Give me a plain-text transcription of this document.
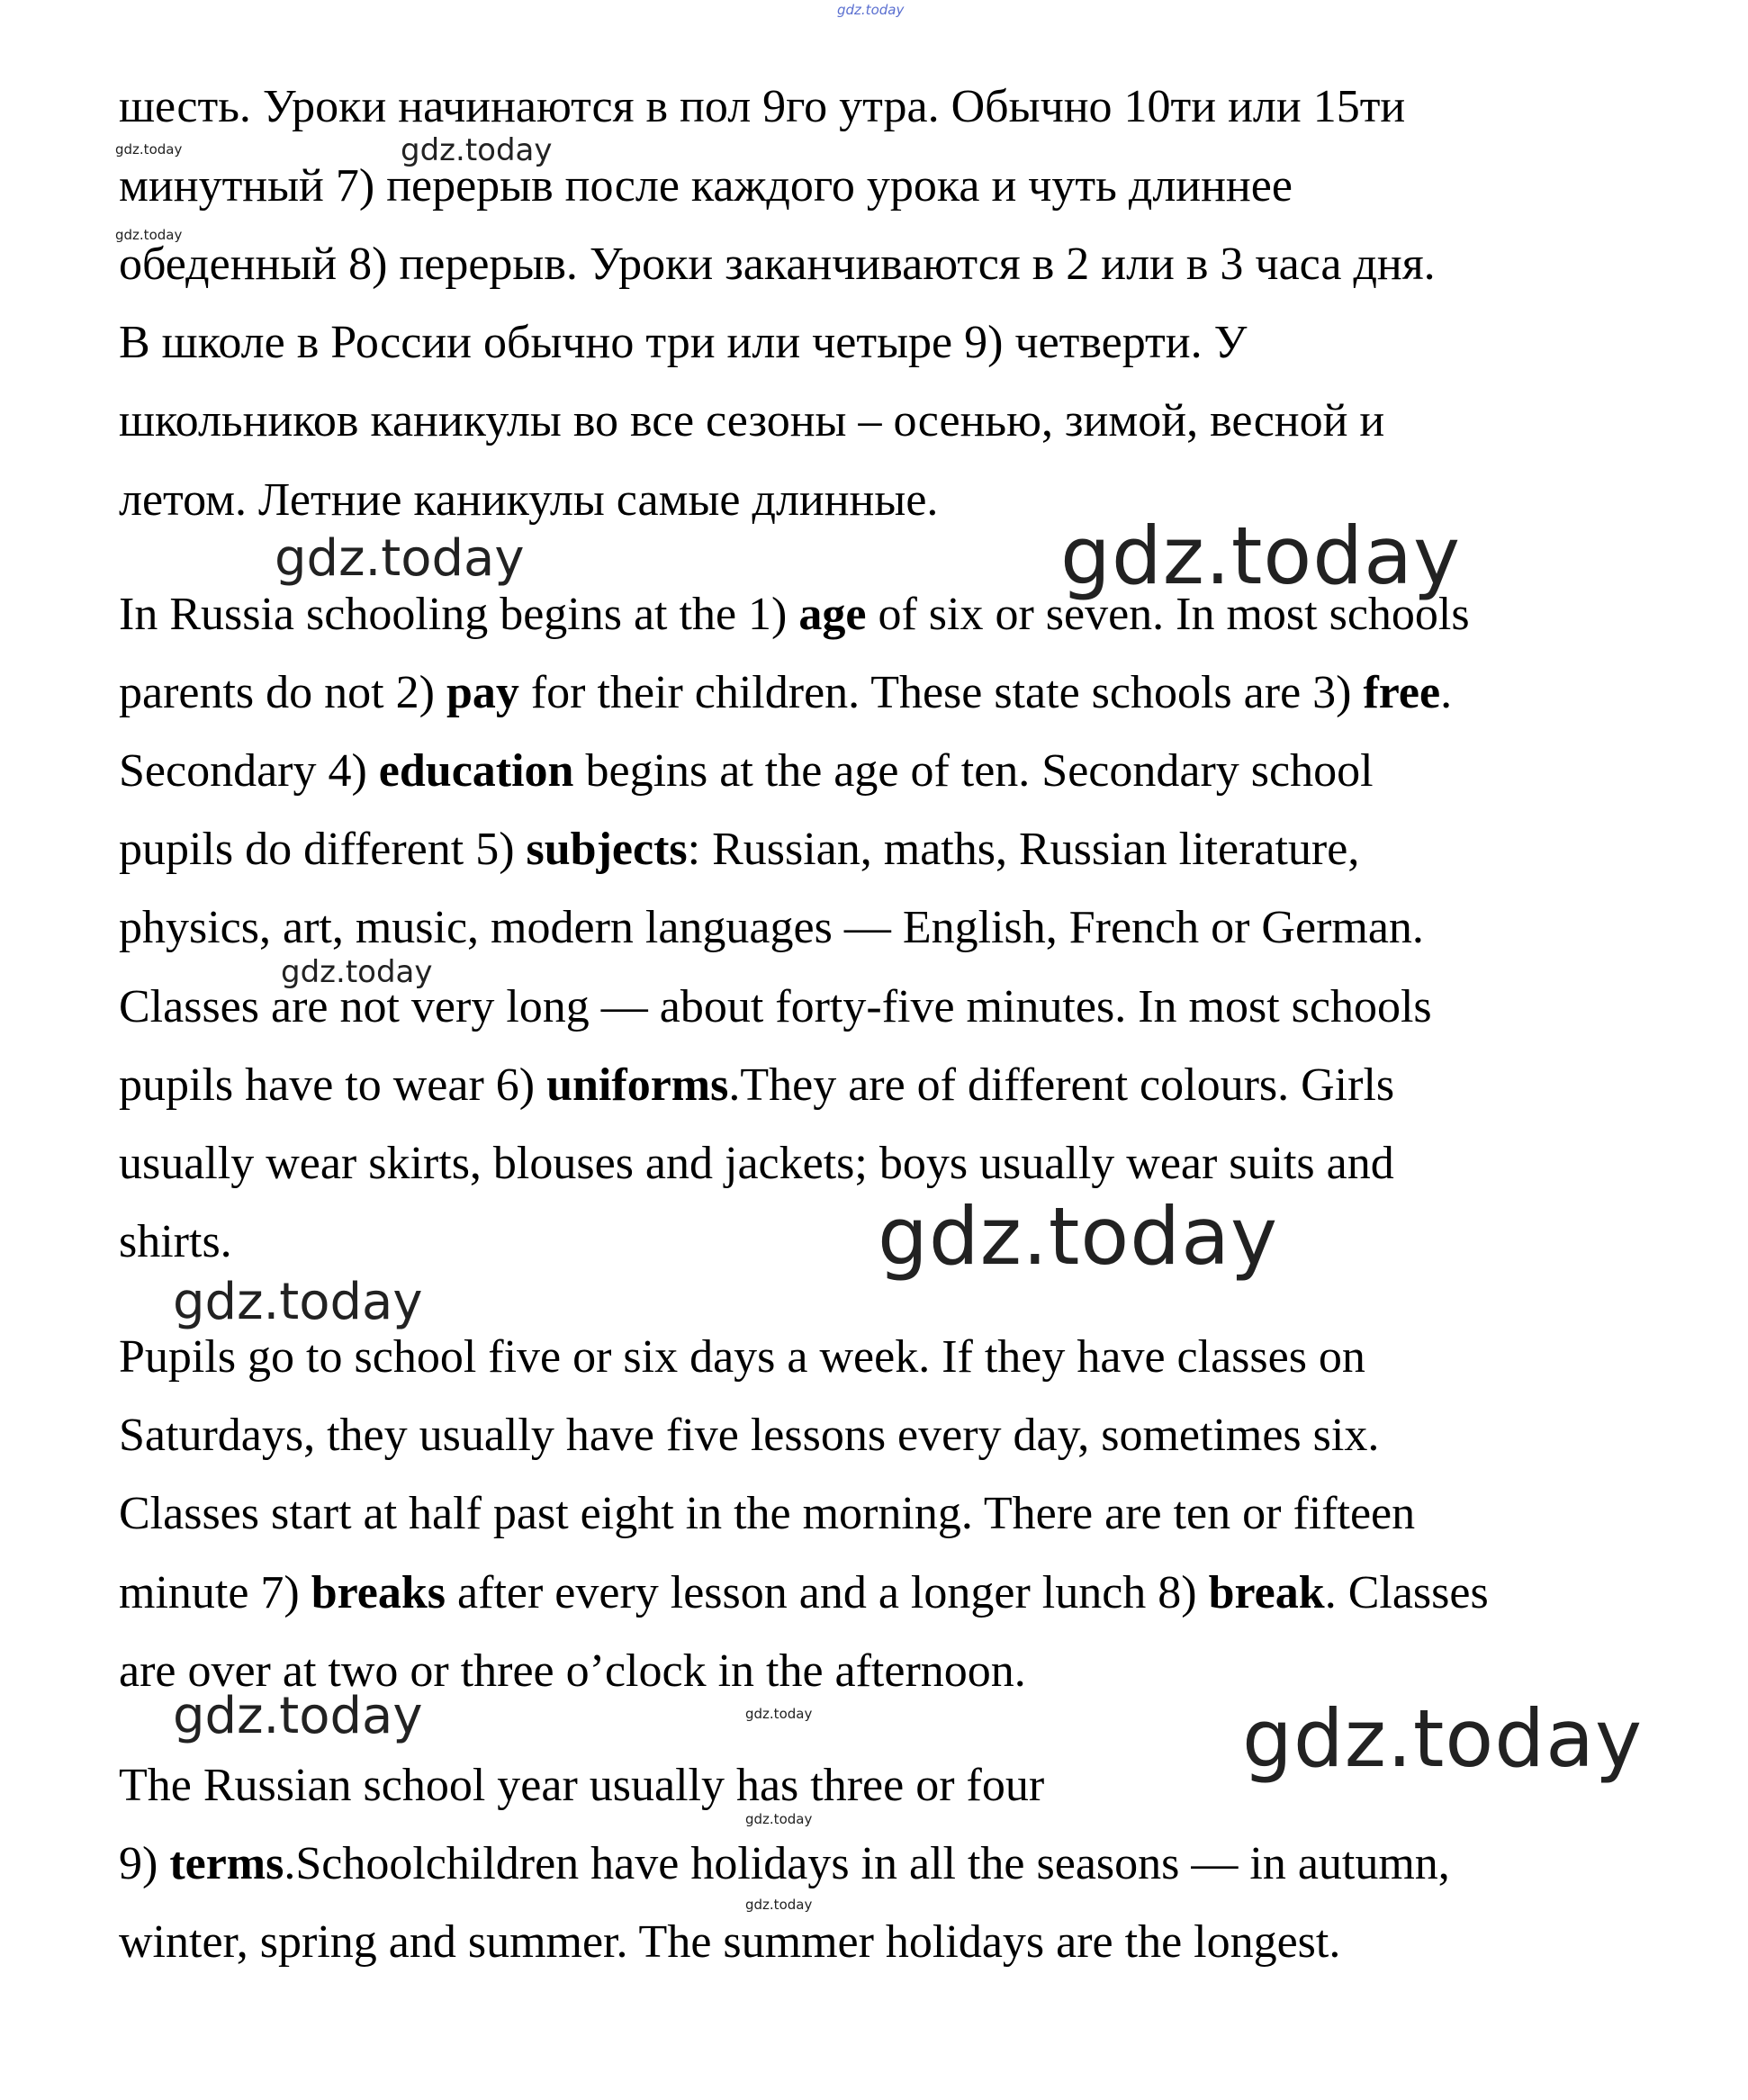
gdz.today
gdz.today	gdz.today
gdz.today
gdz.today	gdz.today
gdz.today
gdz.today
gdz.today
gdz.today	gdz.today	gdz.today
gdz.today
gdz.today

шесть. Уроки начинаются в пол 9го утра. Обычно 10ти или 15ти

минутный 7) перерыв после каждого урока и чуть длиннее

обеденный 8) перерыв. Уроки заканчиваются в 2 или в 3 часа дня.

В школе в России обычно три или четыре 9) четверти. У

школьников каникулы во все сезоны – осенью, зимой, весной и

летом. Летние каникулы самые длинные.

In Russia schooling begins at the 1) age of six or seven. In most schools

parents do not 2) pay for their children. These state schools are 3) free.

Secondary 4) education begins at the age of ten. Secondary school

pupils do different 5) subjects: Russian, maths, Russian literature,

physics, art, music, modern languages — English, French or German.

Classes are not very long — about forty-five minutes. In most schools

pupils have to wear 6) uniforms.They are of different colours. Girls

usually wear skirts, blouses and jackets; boys usually wear suits and

shirts.

Pupils go to school five or six days a week. If they have classes on

Saturdays, they usually have five lessons every day, sometimes six.

Classes start at half past eight in the morning. There are ten or fifteen

minute 7) breaks after every lesson and a longer lunch 8) break. Classes

are over at two or three o’clock in the afternoon.

The Russian school year usually has three or four

9) terms.Schoolchildren have holidays in all the seasons — in autumn,

winter, spring and summer. The summer holidays are the longest.
